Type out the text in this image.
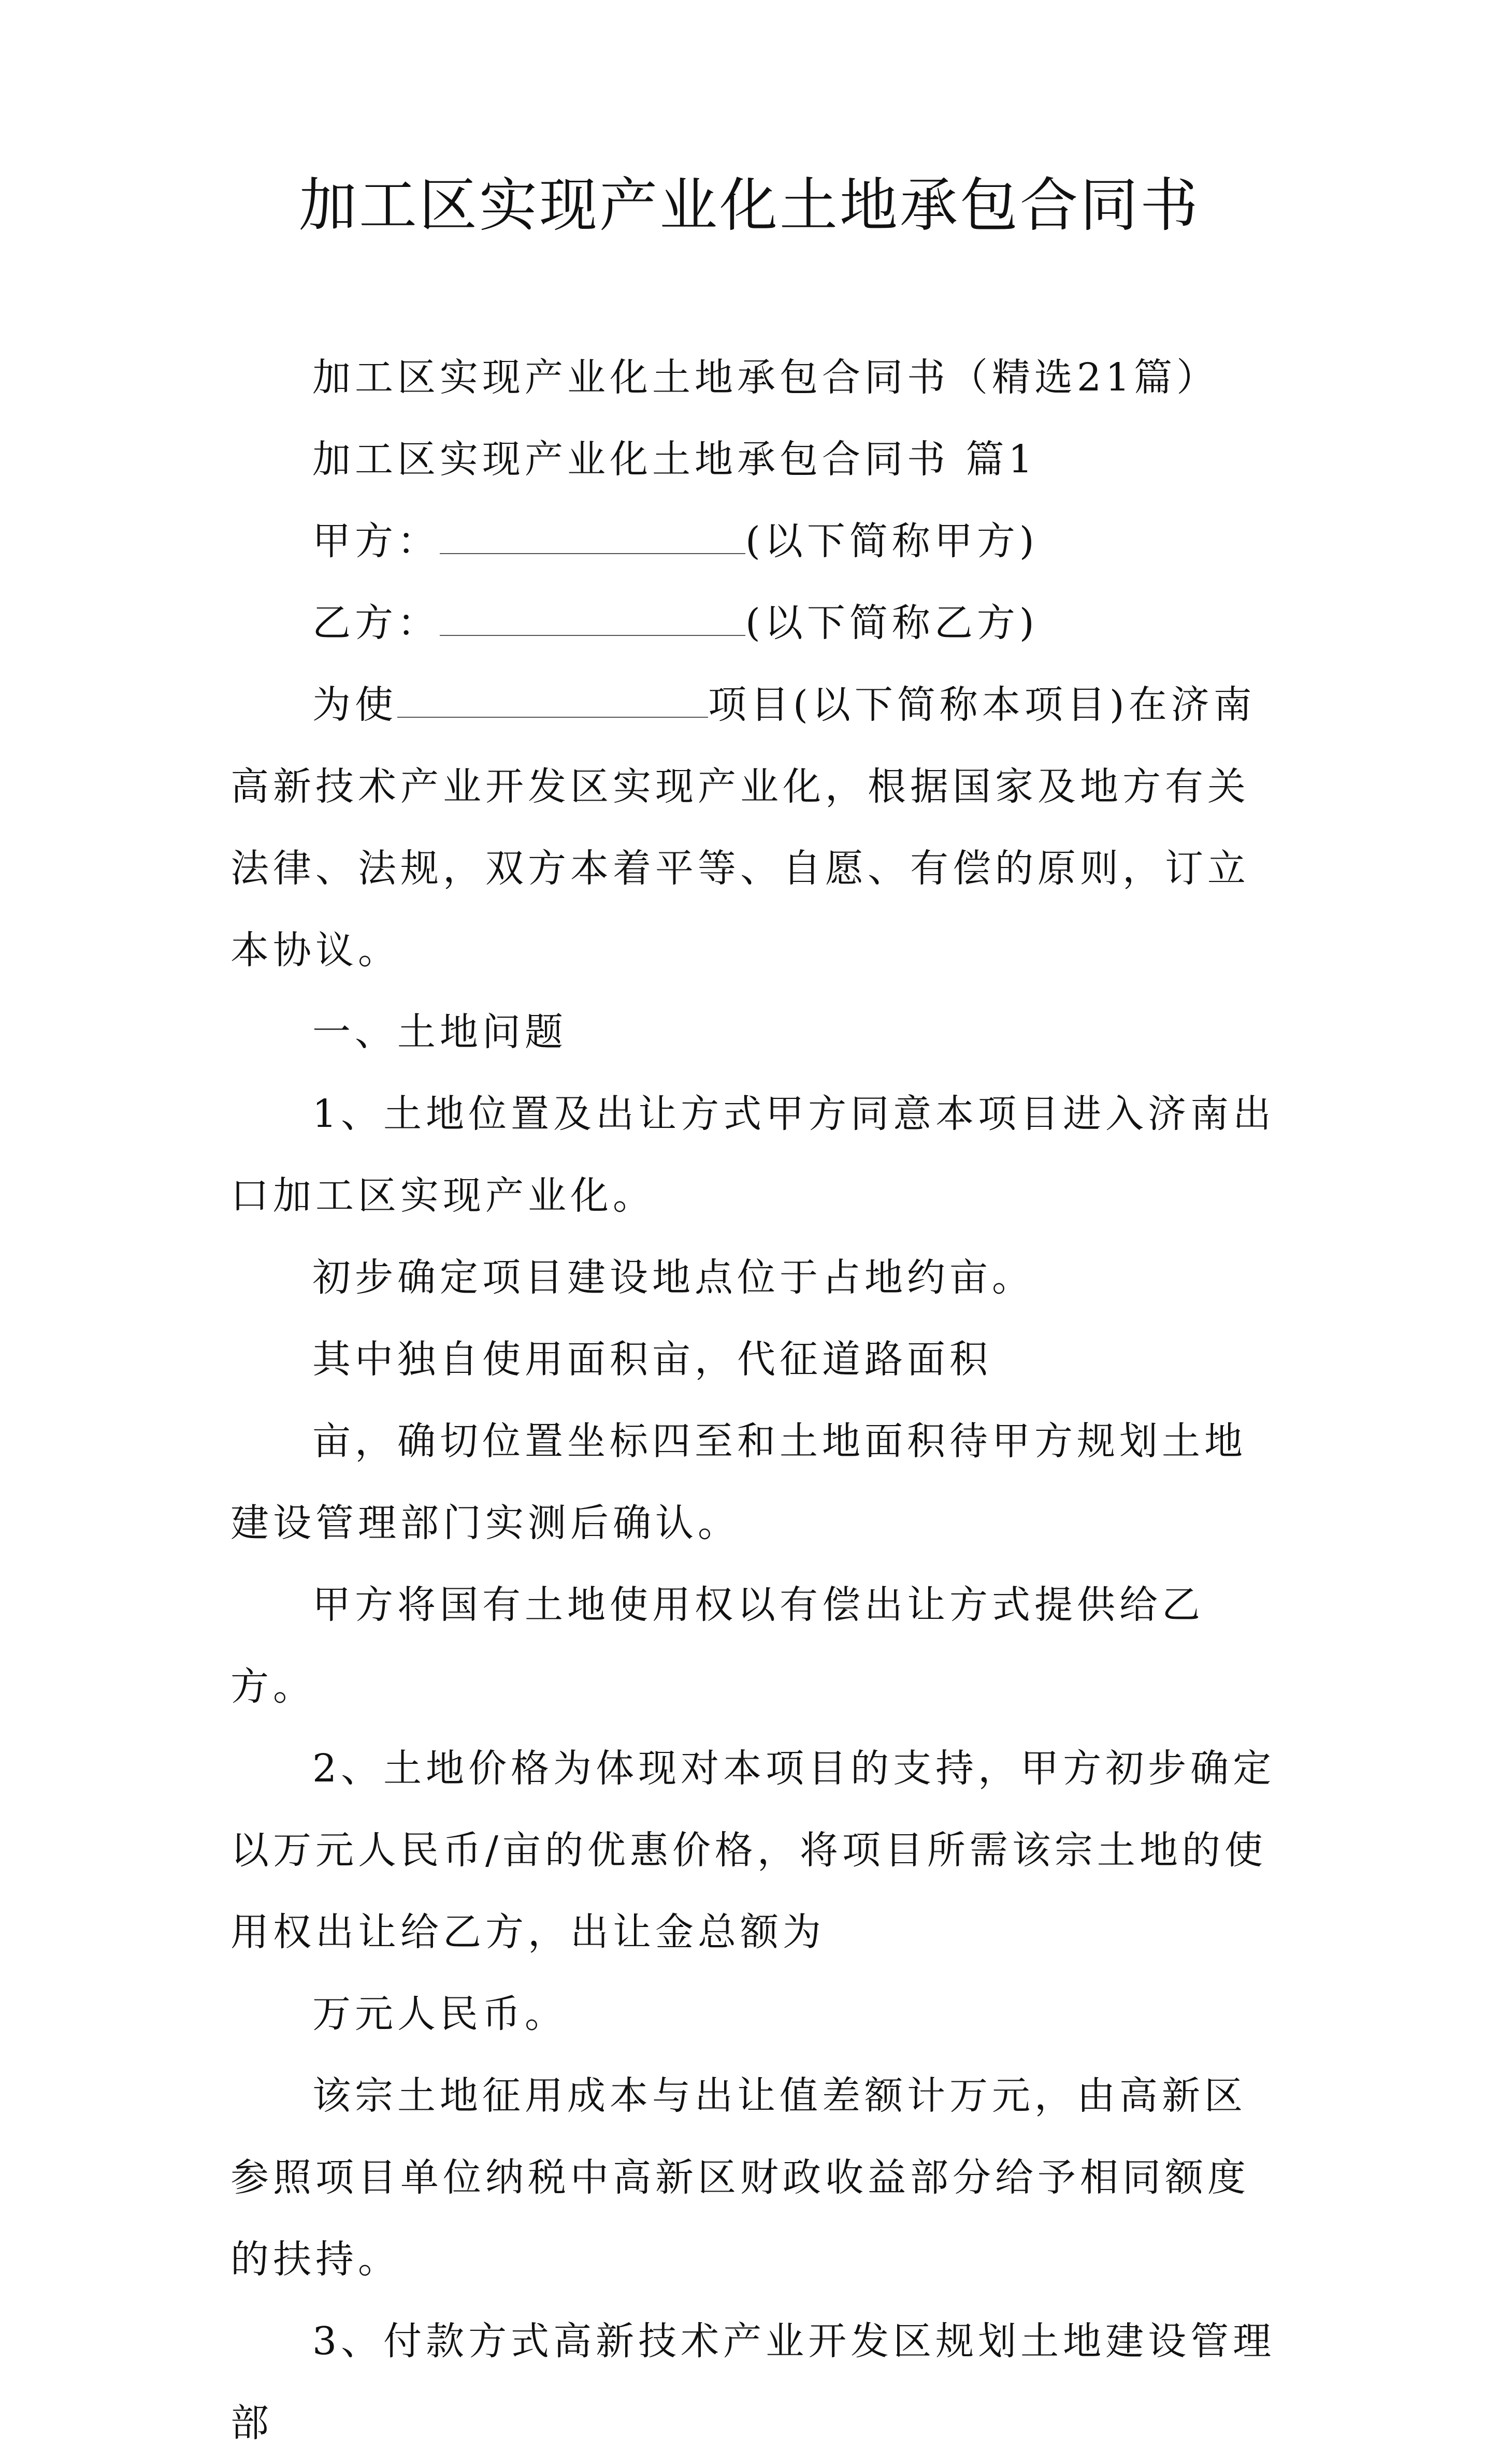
加工区实现产业化土地承包合同书

加工区实现产业化土地承包合同书（精选21篇）

加工区实现产业化土地承包合同书 篇1

甲方：	(以下简称甲方)

乙方：	(以下简称乙方)

为使	项目(以下简称本项目)在济南高新技术产业开发区实现产业化，根据国家及地方有关法律、法规，双方本着平等、自愿、有偿的原则，订立本协议。

一、土地问题

1、土地位置及出让方式甲方同意本项目进入济南出口加工区实现产业化。

初步确定项目建设地点位于占地约亩。

其中独自使用面积亩，代征道路面积

亩，确切位置坐标四至和土地面积待甲方规划土地建设管理部门实测后确认。

甲方将国有土地使用权以有偿出让方式提供给乙方。

2、土地价格为体现对本项目的支持，甲方初步确定以万元人民币/亩的优惠价格，将项目所需该宗土地的使用权出让给乙方，出让金总额为

万元人民币。

该宗土地征用成本与出让值差额计万元，由高新区参照项目单位纳税中高新区财政收益部分给予相同额度的扶持。

3、付款方式高新技术产业开发区规划土地建设管理部
